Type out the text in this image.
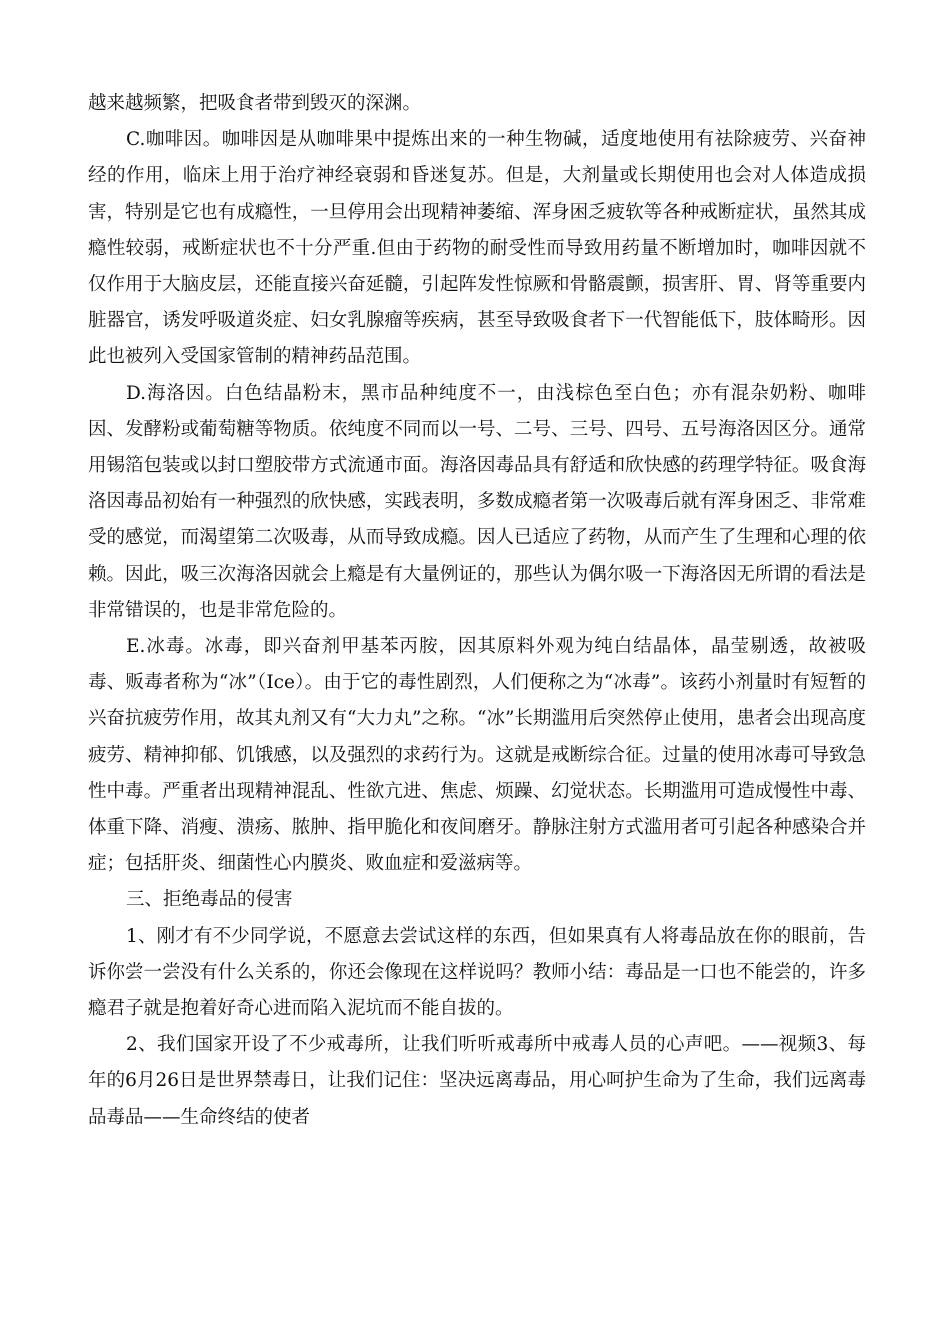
越来越频繁，把吸食者带到毁灭的深渊。

C.咖啡因。咖啡因是从咖啡果中提炼出来的一种生物碱，适度地使用有祛除疲劳、兴奋神经的作用，临床上用于治疗神经衰弱和昏迷复苏。但是，大剂量或长期使用也会对人体造成损害，特别是它也有成瘾性，一旦停用会出现精神萎缩、浑身困乏疲软等各种戒断症状，虽然其成瘾性较弱，戒断症状也不十分严重.但由于药物的耐受性而导致用药量不断增加时，咖啡因就不仅作用于大脑皮层，还能直接兴奋延髓，引起阵发性惊厥和骨骼震颤，损害肝、胃、肾等重要内脏器官，诱发呼吸道炎症、妇女乳腺瘤等疾病，甚至导致吸食者下一代智能低下，肢体畸形。因此也被列入受国家管制的精神药品范围。

D.海洛因。白色结晶粉末，黑市品种纯度不一，由浅棕色至白色；亦有混杂奶粉、咖啡因、发酵粉或葡萄糖等物质。依纯度不同而以一号、二号、三号、四号、五号海洛因区分。通常用锡箔包装或以封口塑胶带方式流通市面。海洛因毒品具有舒适和欣快感的药理学特征。吸食海洛因毒品初始有一种强烈的欣快感，实践表明，多数成瘾者第一次吸毒后就有浑身困乏、非常难受的感觉，而渴望第二次吸毒，从而导致成瘾。因人已适应了药物，从而产生了生理和心理的依赖。因此，吸三次海洛因就会上瘾是有大量例证的，那些认为偶尔吸一下海洛因无所谓的看法是非常错误的，也是非常危险的。

E.冰毒。冰毒，即兴奋剂甲基苯丙胺，因其原料外观为纯白结晶体，晶莹剔透，故被吸毒、贩毒者称为“冰”（Ice）。由于它的毒性剧烈，人们便称之为“冰毒”。该药小剂量时有短暂的兴奋抗疲劳作用，故其丸剂又有“大力丸”之称。“冰”长期滥用后突然停止使用，患者会出现高度疲劳、精神抑郁、饥饿感，以及强烈的求药行为。这就是戒断综合征。过量的使用冰毒可导致急性中毒。严重者出现精神混乱、性欲亢进、焦虑、烦躁、幻觉状态。长期滥用可造成慢性中毒、体重下降、消瘦、溃疡、脓肿、指甲脆化和夜间磨牙。静脉注射方式滥用者可引起各种感染合并症；包括肝炎、细菌性心内膜炎、败血症和爱滋病等。

三、拒绝毒品的侵害

1、刚才有不少同学说，不愿意去尝试这样的东西，但如果真有人将毒品放在你的眼前，告诉你尝一尝没有什么关系的，你还会像现在这样说吗？教师小结：毒品是一口也不能尝的，许多瘾君子就是抱着好奇心进而陷入泥坑而不能自拔的。

2、我们国家开设了不少戒毒所，让我们听听戒毒所中戒毒人员的心声吧。——视频3、每年的6月26日是世界禁毒日，让我们记住：坚决远离毒品，用心呵护生命为了生命，我们远离毒品毒品——生命终结的使者
